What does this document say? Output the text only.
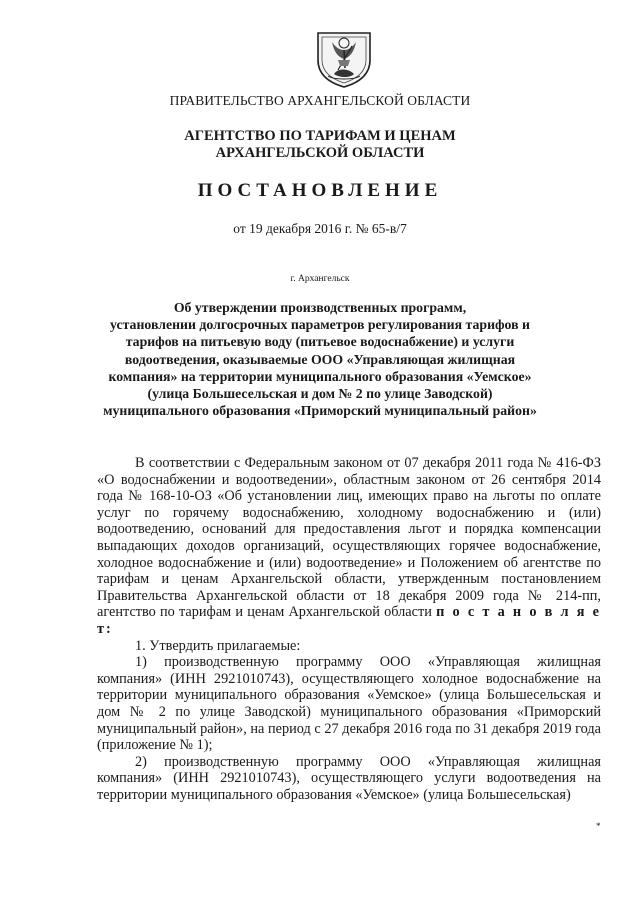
ПРАВИТЕЛЬСТВО АРХАНГЕЛЬСКОЙ ОБЛАСТИ
АГЕНТСТВО ПО ТАРИФАМ И ЦЕНАМ
АРХАНГЕЛЬСКОЙ ОБЛАСТИ
ПОСТАНОВЛЕНИЕ
от 19 декабря 2016 г. № 65-в/7
г. Архангельск
Об утверждении производственных программ,
установлении долгосрочных параметров регулирования тарифов и
тарифов на питьевую воду (питьевое водоснабжение) и услуги
водоотведения, оказываемые ООО «Управляющая жилищная
компания» на территории муниципального образования «Уемское»
(улица Большесельская и дом № 2 по улице Заводской)
муниципального образования «Приморский муниципальный район»

В соответствии с Федеральным законом от 07 декабря 2011 года № 416-ФЗ «О водоснабжении и водоотведении», областным законом от 26 сентября 2014 года № 168-10-ОЗ «Об установлении лиц, имеющих право на льготы по оплате услуг по горячему водоснабжению, холодному водоснабжению и (или) водоотведению, оснований для предоставления льгот и порядка компенсации выпадающих доходов организаций, осуществляющих горячее водоснабжение, холодное водоснабжение и (или) водоотведение» и Положением об агентстве по тарифам и ценам Архангельской области, утвержденным постановлением Правительства Архангельской области от 18 декабря 2009 года № 214-пп, агентство по тарифам и ценам Архангельской области п о с т а н о в л я е т:

1. Утвердить прилагаемые:

1) производственную программу ООО «Управляющая жилищная компания» (ИНН 2921010743), осуществляющего холодное водоснабжение на территории муниципального образования «Уемское» (улица Большесельская и дом № 2 по улице Заводской) муниципального образования «Приморский муниципальный район», на период с 27 декабря 2016 года по 31 декабря 2019 года (приложение № 1);

2) производственную программу ООО «Управляющая жилищная компания» (ИНН 2921010743), осуществляющего услуги водоотведения на территории муниципального образования «Уемское» (улица Большесельская)

*
